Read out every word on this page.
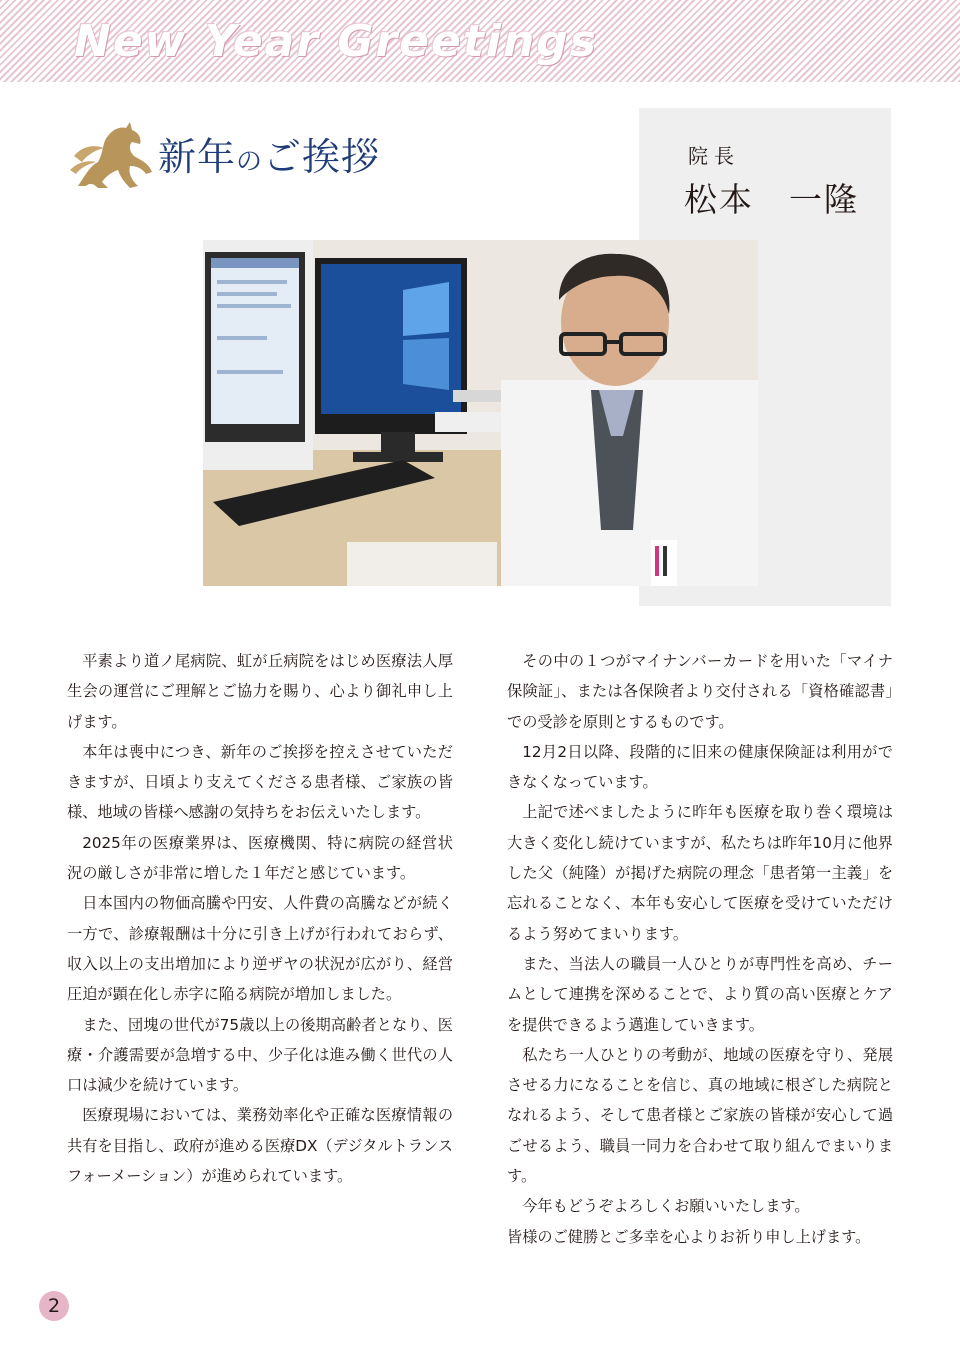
New Year Greetings
新年のご挨拶	院長
松本　一隆

平素より道ノ尾病院、虹が丘病院をはじめ医療法人厚生会の運営にご理解とご協力を賜り、心より御礼申し上げます。

本年は喪中につき、新年のご挨拶を控えさせていただきますが、日頃より支えてくださる患者様、ご家族の皆様、地域の皆様へ感謝の気持ちをお伝えいたします。

2025年の医療業界は、医療機関、特に病院の経営状況の厳しさが非常に増した１年だと感じています。

日本国内の物価高騰や円安、人件費の高騰などが続く一方で、診療報酬は十分に引き上げが行われておらず、収入以上の支出増加により逆ザヤの状況が広がり、経営圧迫が顕在化し赤字に陥る病院が増加しました。

また、団塊の世代が75歳以上の後期高齢者となり、医療・介護需要が急増する中、少子化は進み働く世代の人口は減少を続けています。

医療現場においては、業務効率化や正確な医療情報の共有を目指し、政府が進める医療DX（デジタルトランスフォーメーション）が進められています。

その中の１つがマイナンバーカードを用いた「マイナ保険証」、または各保険者より交付される「資格確認書」での受診を原則とするものです。

12月2日以降、段階的に旧来の健康保険証は利用ができなくなっています。

上記で述べましたように昨年も医療を取り巻く環境は大きく変化し続けていますが、私たちは昨年10月に他界した父（純隆）が掲げた病院の理念「患者第一主義」を忘れることなく、本年も安心して医療を受けていただけるよう努めてまいります。

また、当法人の職員一人ひとりが専門性を高め、チームとして連携を深めることで、より質の高い医療とケアを提供できるよう邁進していきます。

私たち一人ひとりの考動が、地域の医療を守り、発展させる力になることを信じ、真の地域に根ざした病院となれるよう、そして患者様とご家族の皆様が安心して過ごせるよう、職員一同力を合わせて取り組んでまいります。

今年もどうぞよろしくお願いいたします。

皆様のご健勝とご多幸を心よりお祈り申し上げます。

2
